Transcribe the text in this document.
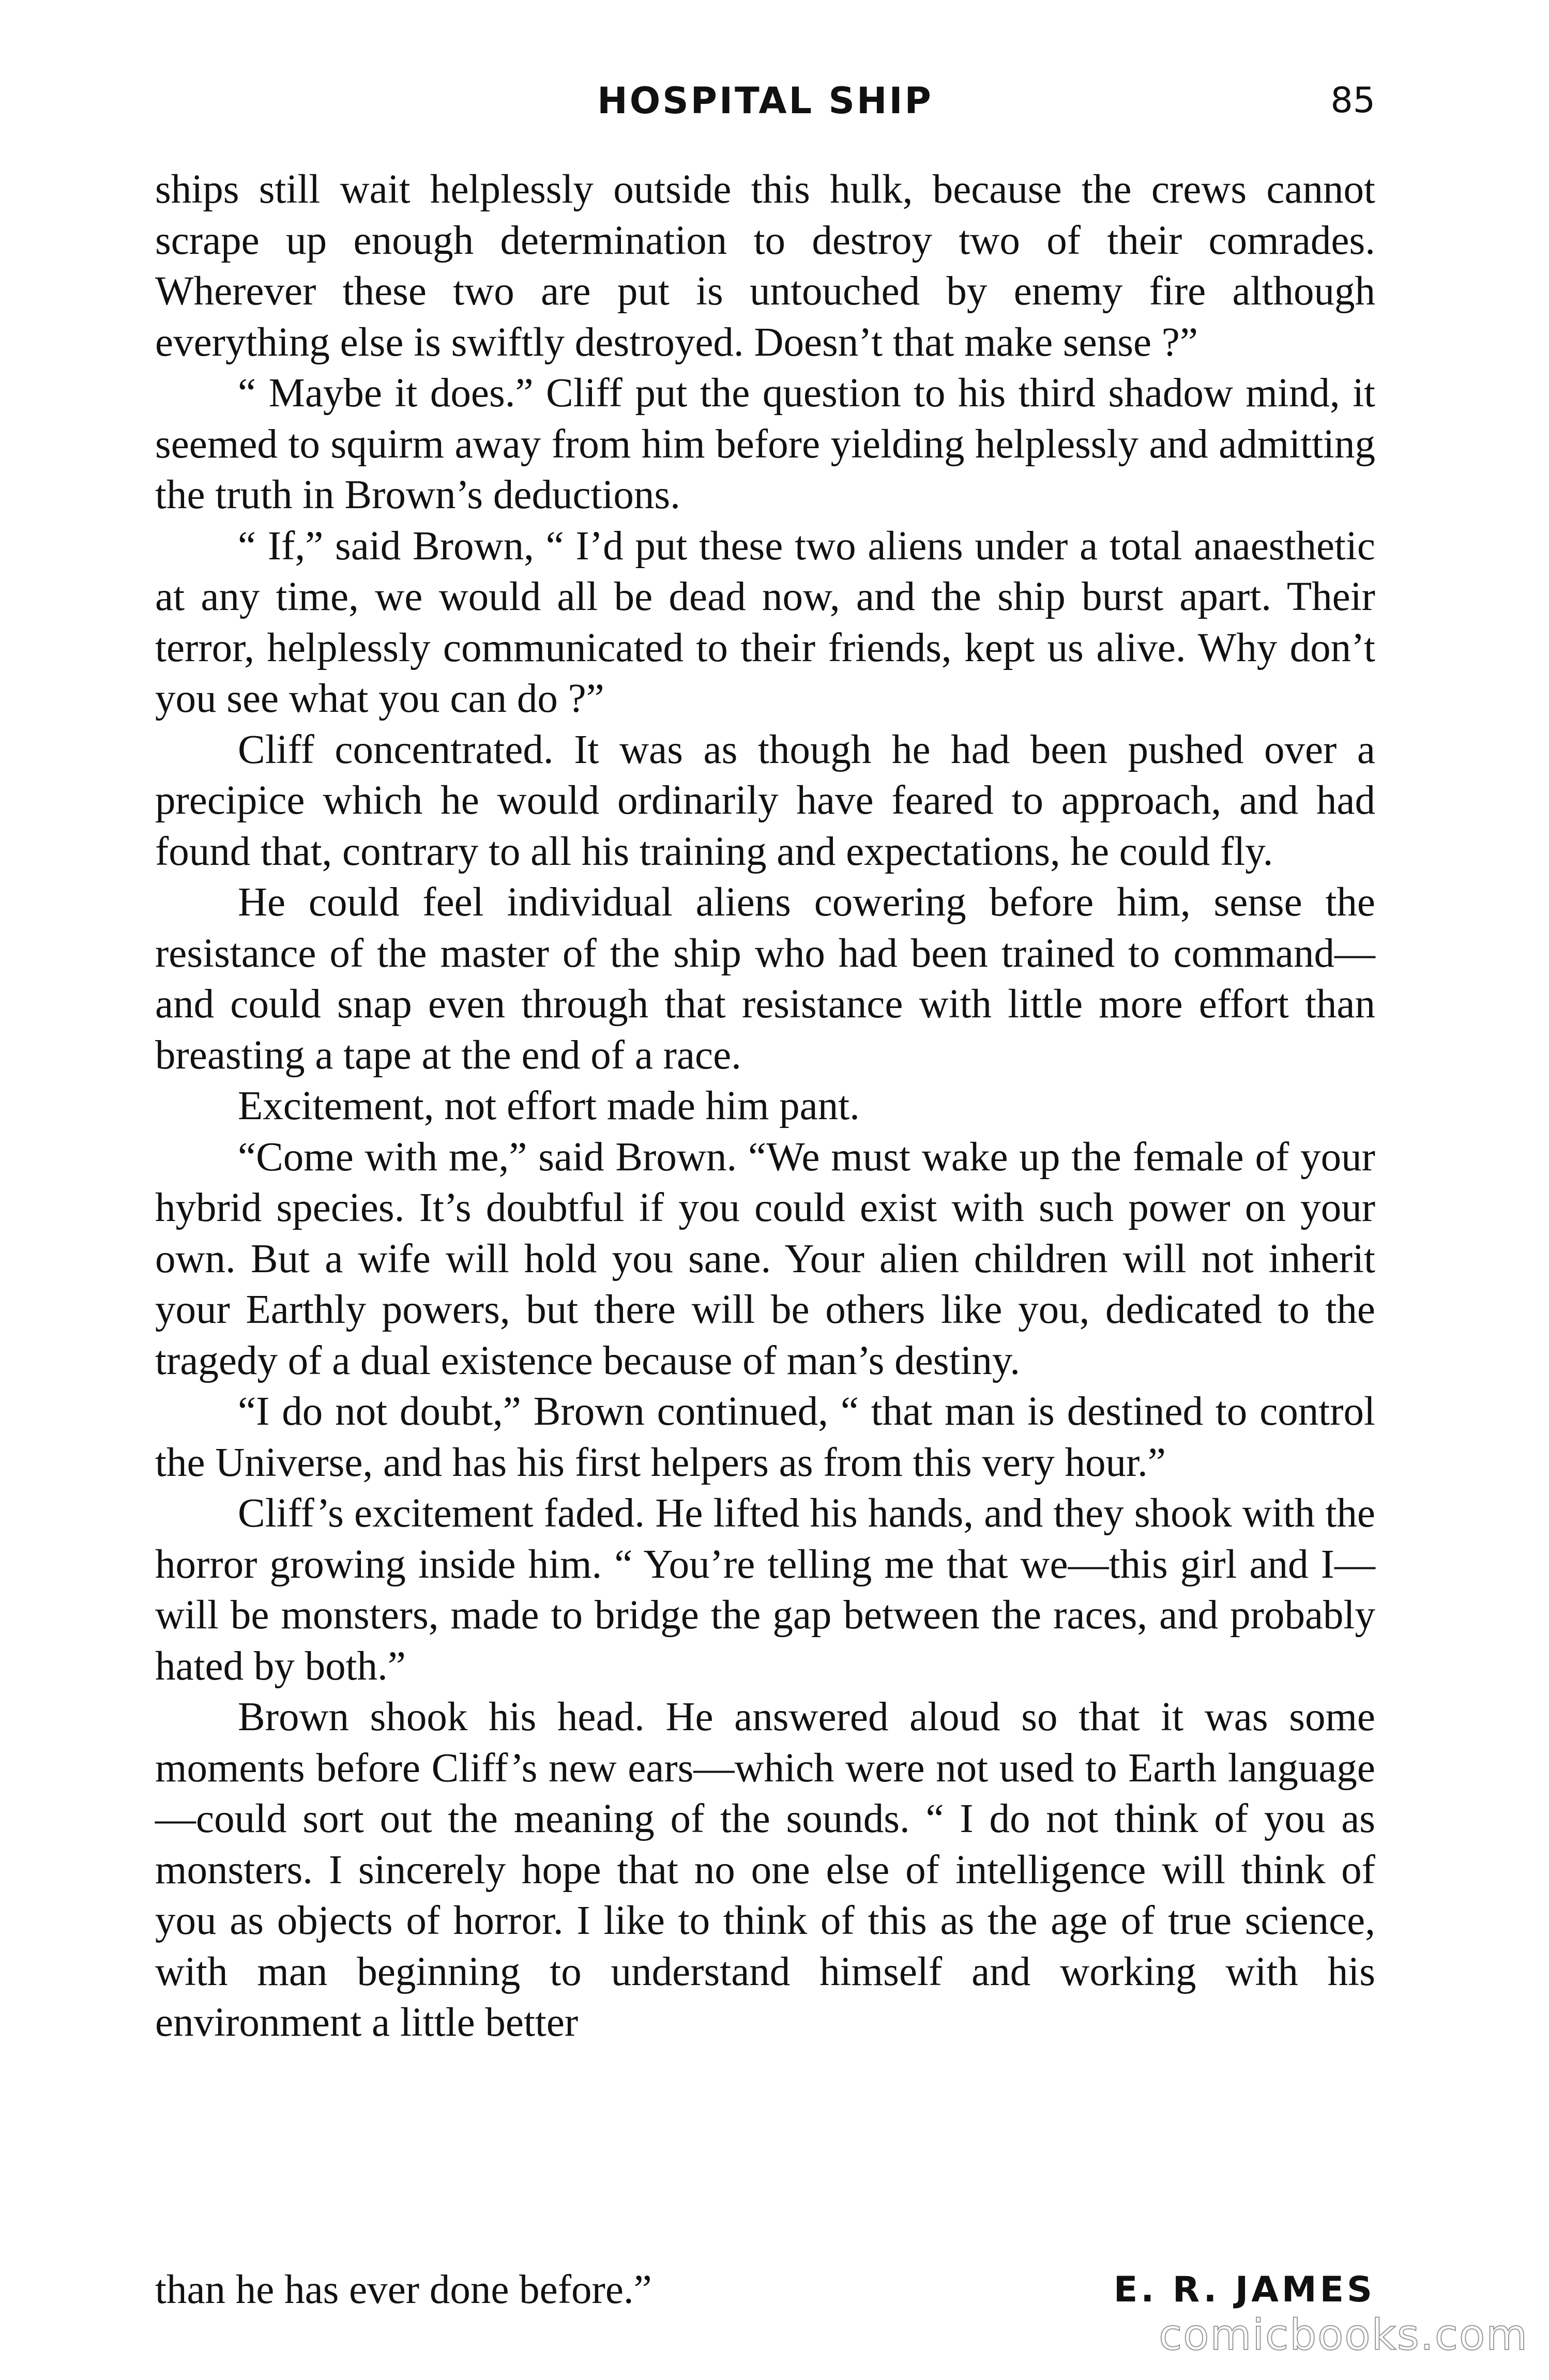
HOSPITAL SHIP	85

ships still wait helplessly outside this hulk, because the crews cannot scrape up enough determination to destroy two of their comrades. Wherever these two are put is untouched by enemy fire although everything else is swiftly destroyed. Doesn’t that make sense ?”

“ Maybe it does.” Cliff put the question to his third shadow mind, it seemed to squirm away from him before yielding helplessly and admitting the truth in Brown’s deductions.

“ If,” said Brown, “ I’d put these two aliens under a total anaesthetic at any time, we would all be dead now, and the ship burst apart. Their terror, helplessly communicated to their friends, kept us alive. Why don’t you see what you can do ?”

Cliff concentrated. It was as though he had been pushed over a precipice which he would ordinarily have feared to approach, and had found that, contrary to all his training and expectations, he could fly.

He could feel individual aliens cowering before him, sense the resistance of the master of the ship who had been trained to command—and could snap even through that resistance with little more effort than breasting a tape at the end of a race.

Excitement, not effort made him pant.

“Come with me,” said Brown. “We must wake up the female of your hybrid species. It’s doubtful if you could exist with such power on your own. But a wife will hold you sane. Your alien children will not inherit your Earthly powers, but there will be others like you, dedicated to the tragedy of a dual existence because of man’s destiny.

“I do not doubt,” Brown continued, “ that man is destined to control the Universe, and has his first helpers as from this very hour.”

Cliff’s excitement faded. He lifted his hands, and they shook with the horror growing inside him. “ You’re telling me that we—this girl and I—will be monsters, made to bridge the gap between the races, and probably hated by both.”

Brown shook his head. He answered aloud so that it was some moments before Cliff’s new ears—which were not used to Earth language—could sort out the meaning of the sounds. “ I do not think of you as monsters. I sincerely hope that no one else of intelligence will think of you as objects of horror. I like to think of this as the age of true science, with man beginning to understand himself and working with his environment a little better

than he has ever done before.”	E. R. JAMES
comicbooks.com
